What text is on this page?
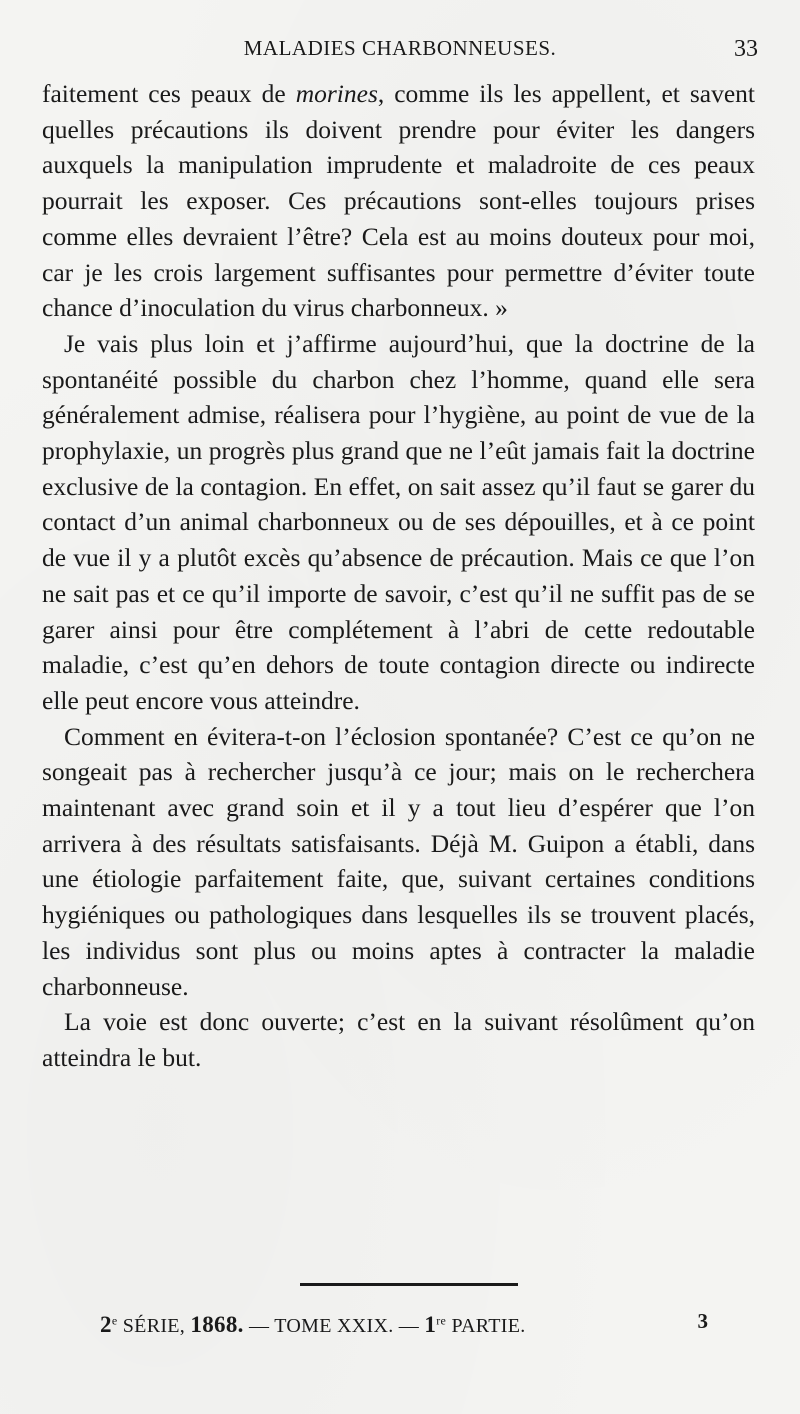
MALADIES CHARBONNEUSES.	33

faitement ces peaux de morines, comme ils les appellent, et savent quelles précautions ils doivent prendre pour éviter les dangers auxquels la manipulation imprudente et maladroite de ces peaux pourrait les exposer. Ces précautions sont-elles toujours prises comme elles devraient l’être? Cela est au moins douteux pour moi, car je les crois largement suffisantes pour permettre d’éviter toute chance d’inoculation du virus charbonneux. »

Je vais plus loin et j’affirme aujourd’hui, que la doctrine de la spontanéité possible du charbon chez l’homme, quand elle sera généralement admise, réalisera pour l’hygiène, au point de vue de la prophylaxie, un progrès plus grand que ne l’eût jamais fait la doctrine exclusive de la contagion. En effet, on sait assez qu’il faut se garer du contact d’un animal charbonneux ou de ses dépouilles, et à ce point de vue il y a plutôt excès qu’absence de précaution. Mais ce que l’on ne sait pas et ce qu’il importe de savoir, c’est qu’il ne suffit pas de se garer ainsi pour être complétement à l’abri de cette redoutable maladie, c’est qu’en dehors de toute contagion directe ou indirecte elle peut encore vous atteindre.

Comment en évitera-t-on l’éclosion spontanée? C’est ce qu’on ne songeait pas à rechercher jusqu’à ce jour; mais on le recherchera maintenant avec grand soin et il y a tout lieu d’espérer que l’on arrivera à des résultats satisfaisants. Déjà M. Guipon a établi, dans une étiologie parfaitement faite, que, suivant certaines conditions hygiéniques ou pathologiques dans lesquelles ils se trouvent placés, les individus sont plus ou moins aptes à contracter la maladie charbonneuse.

La voie est donc ouverte; c’est en la suivant résolûment qu’on atteindra le but.

2e SÉRIE, 1868. — TOME XXIX. — 1re PARTIE.	3
